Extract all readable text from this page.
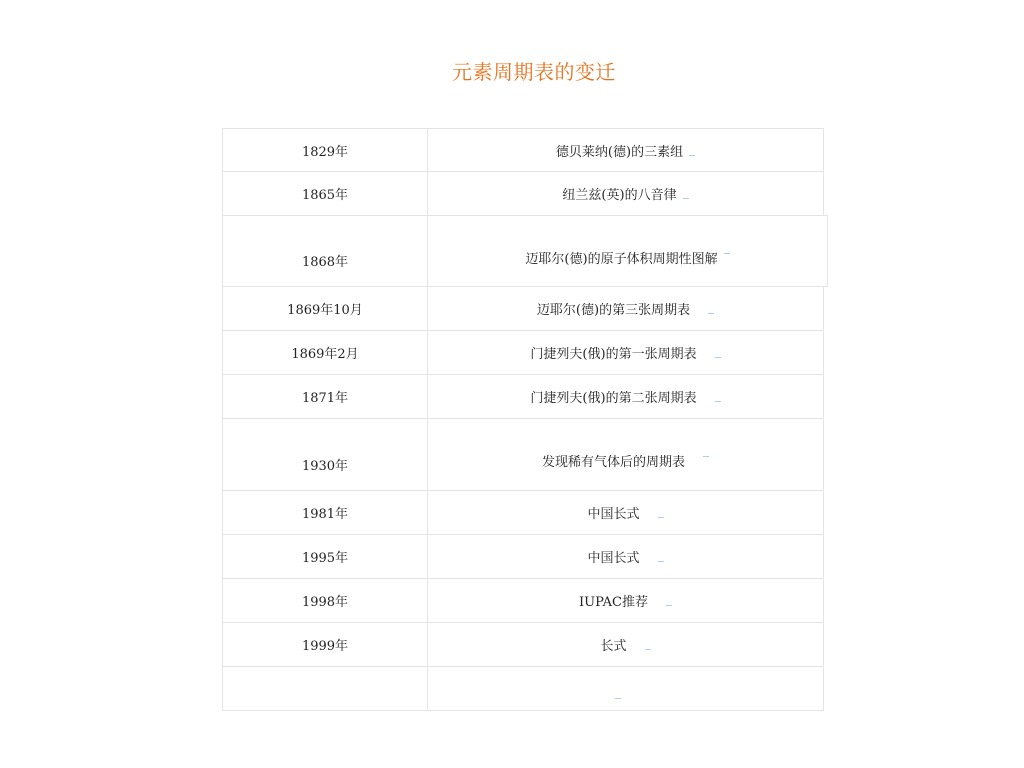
元素周期表的变迁
1829年	德贝莱纳(德)的三素组
1865年	纽兰兹(英)的八音律
1868年	迈耶尔(德)的原子体积周期性图解
1869年10月	迈耶尔(德)的第三张周期表
1869年2月	门捷列夫(俄)的第一张周期表
1871年	门捷列夫(俄)的第二张周期表
1930年	发现稀有气体后的周期表
1981年	中国长式
1995年	中国长式
1998年	IUPAC推荐
1999年	长式
